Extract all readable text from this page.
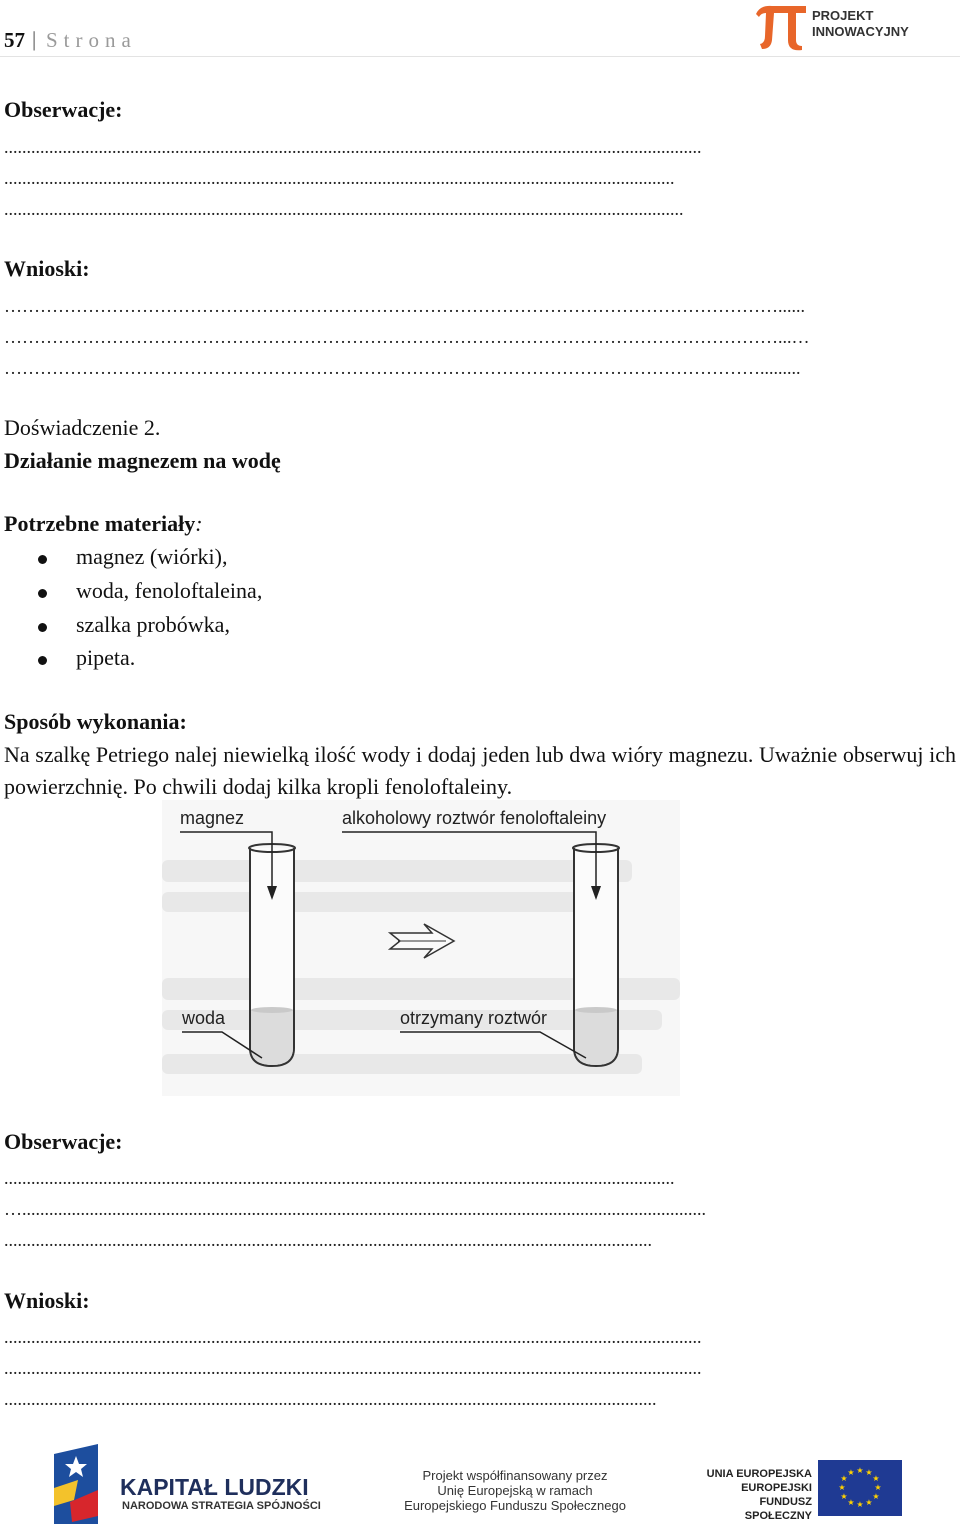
57 | Strona
PROJEKT
INNOWACYJNY
Obserwacje:
...........................................................................................................................................................
.....................................................................................................................................................
.......................................................................................................................................................
Wnioski:
…………………………………………………………………………………………………………………......
…………………………………………………………………………………………………………………...…
……………………………………………………………………………………………………………….........
Doświadczenie 2.
Działanie magnezem na wodę
Potrzebne materiały:
magnez (wiórki),
woda, fenoloftaleina,
szalka probówka,
pipeta.
Sposób wykonania:
Na szalkę Petriego nalej niewielką ilość wody i dodaj jeden lub dwa wióry magnezu. Uważnie obserwuj ich powierzchnię. Po chwili dodaj kilka kropli fenoloftaleiny.
magnez	alkoholowy roztwór fenoloftaleiny
woda	otrzymany roztwór
Obserwacje:
.....................................................................................................................................................
…........................................................................................................................................................
................................................................................................................................................
Wnioski:
...........................................................................................................................................................
...........................................................................................................................................................
.................................................................................................................................................
KAPITAŁ LUDZKI
NARODOWA STRATEGIA SPÓJNOŚCI
Projekt współfinansowany przez
Unię Europejską w ramach
Europejskiego Funduszu Społecznego
UNIA EUROPEJSKA
EUROPEJSKI
FUNDUSZ SPOŁECZNY
★ ★
★
★
★
★
★
★
★
★
★
★
